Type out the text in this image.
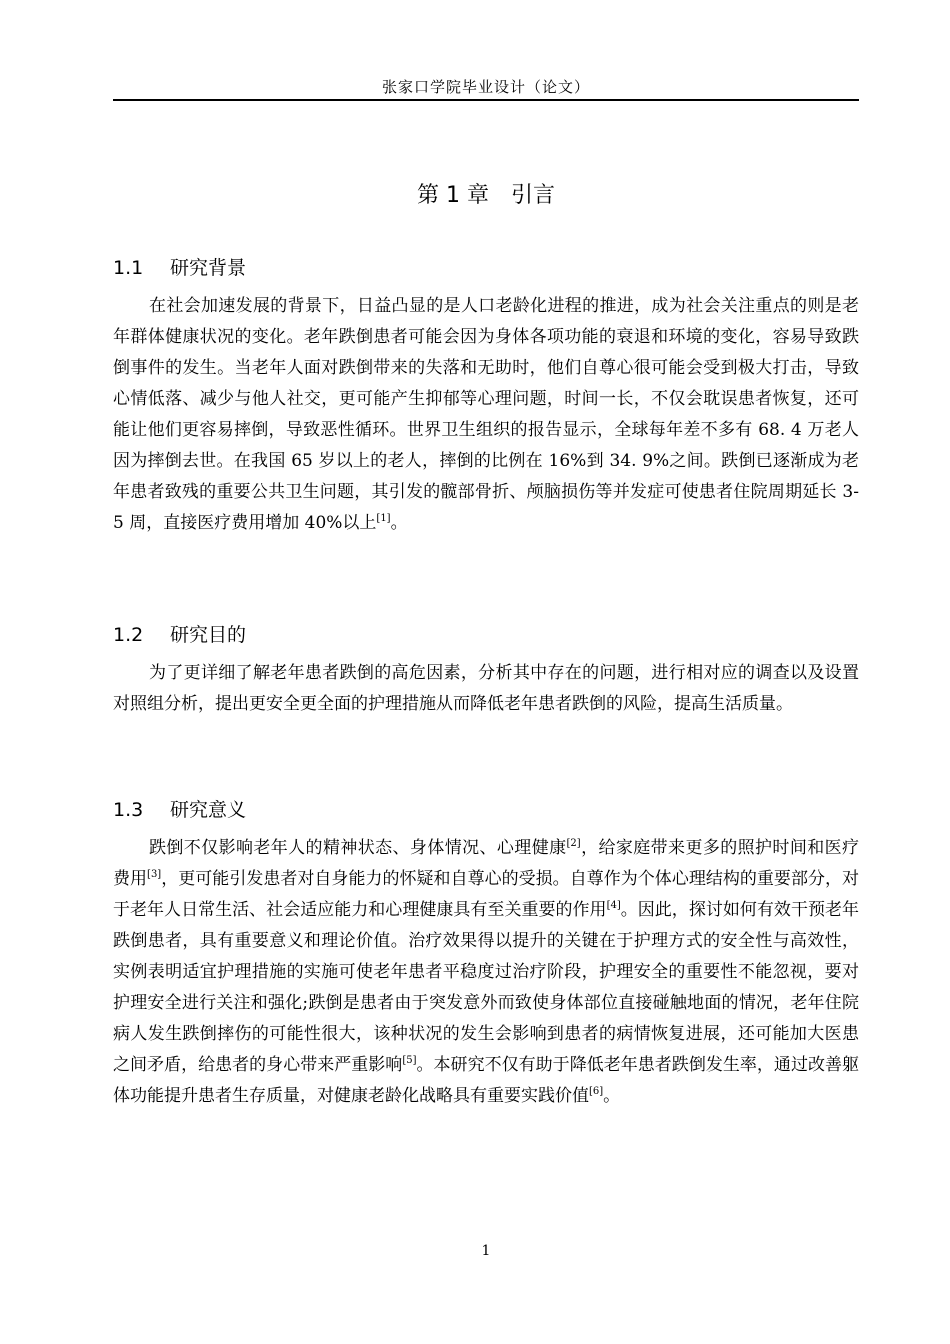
张家口学院毕业设计（论文）
第 1 章 引言
1.1 研究背景

在社会加速发展的背景下，日益凸显的是人口老龄化进程的推进，成为社会关注重点的则是老年群体健康状况的变化。老年跌倒患者可能会因为身体各项功能的衰退和环境的变化，容易导致跌倒事件的发生。当老年人面对跌倒带来的失落和无助时，他们自尊心很可能会受到极大打击，导致心情低落、减少与他人社交，更可能产生抑郁等心理问题，时间一长，不仅会耽误患者恢复，还可能让他们更容易摔倒，导致恶性循环。世界卫生组织的报告显示，全球每年差不多有 68. 4 万老人因为摔倒去世。在我国 65 岁以上的老人，摔倒的比例在 16%到 34. 9%之间。跌倒已逐渐成为老年患者致残的重要公共卫生问题，其引发的髋部骨折、颅脑损伤等并发症可使患者住院周期延长 3-5 周，直接医疗费用增加 40%以上[1]。

1.2 研究目的

为了更详细了解老年患者跌倒的高危因素，分析其中存在的问题，进行相对应的调查以及设置对照组分析，提出更安全更全面的护理措施从而降低老年患者跌倒的风险，提高生活质量。

1.3 研究意义

跌倒不仅影响老年人的精神状态、身体情况、心理健康[2]，给家庭带来更多的照护时间和医疗费用[3]，更可能引发患者对自身能力的怀疑和自尊心的受损。自尊作为个体心理结构的重要部分，对于老年人日常生活、社会适应能力和心理健康具有至关重要的作用[4]。因此，探讨如何有效干预老年跌倒患者，具有重要意义和理论价值。治疗效果得以提升的关键在于护理方式的安全性与高效性，实例表明适宜护理措施的实施可使老年患者平稳度过治疗阶段，护理安全的重要性不能忽视，要对护理安全进行关注和强化;跌倒是患者由于突发意外而致使身体部位直接碰触地面的情况，老年住院病人发生跌倒摔伤的可能性很大，该种状况的发生会影响到患者的病情恢复进展，还可能加大医患之间矛盾，给患者的身心带来严重影响[5]。本研究不仅有助于降低老年患者跌倒发生率，通过改善躯体功能提升患者生存质量，对健康老龄化战略具有重要实践价值[6]。

1
